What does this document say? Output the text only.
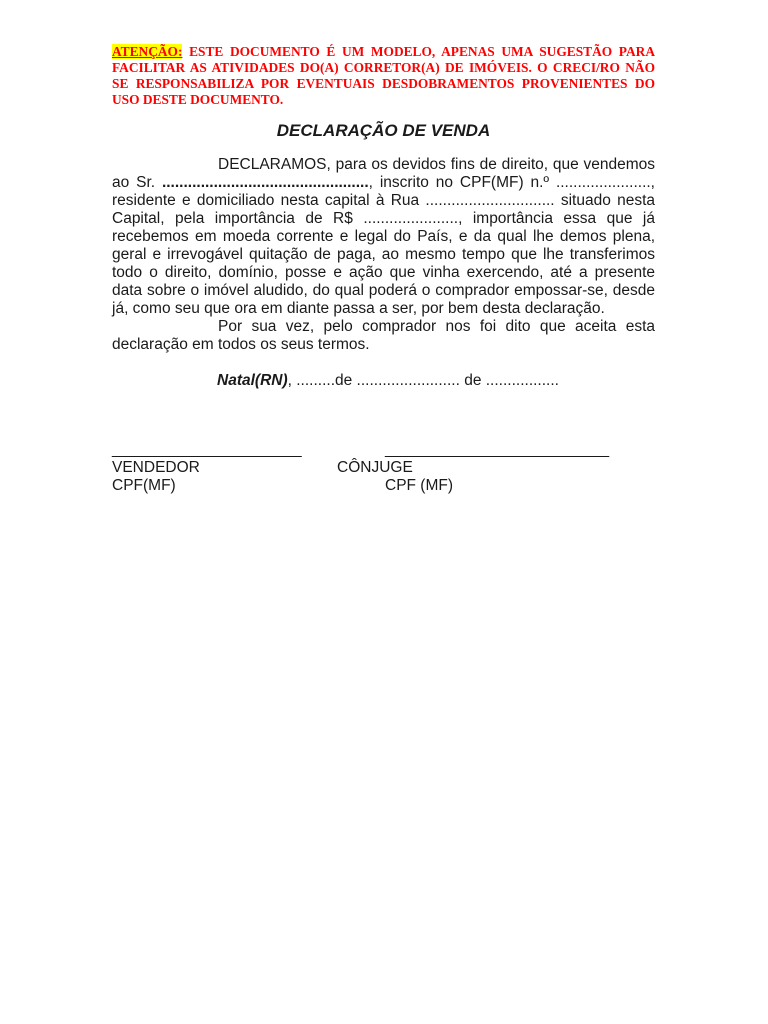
ATENÇÃO: ESTE DOCUMENTO É UM MODELO, APENAS UMA SUGESTÃO PARA FACILITAR AS ATIVIDADES DO(A) CORRETOR(A) DE IMÓVEIS. O CRECI/RO NÃO SE RESPONSABILIZA POR EVENTUAIS DESDOBRAMENTOS PROVENIENTES DO USO DESTE DOCUMENTO.

DECLARAÇÃO DE VENDA

DECLARAMOS, para os devidos fins de direito, que vendemos ao Sr. ................................................, inscrito no CPF(MF) n.º ......................, residente e domiciliado nesta capital à Rua .............................. situado nesta Capital, pela importância de R$ ......................, importância essa que já recebemos em moeda corrente e legal do País, e da qual lhe demos plena, geral e irrevogável quitação de paga, ao mesmo tempo que lhe transferimos todo o direito, domínio, posse e ação que vinha exercendo, até a presente data sobre o imóvel aludido, do qual poderá o comprador empossar-se, desde já, como seu que ora em diante passa a ser, por bem desta declaração.

Por sua vez, pelo comprador nos foi dito que aceita esta declaração em todos os seus termos.

Natal(RN), .........de ........................ de .................

______________________	__________________________
VENDEDOR	CÔNJUGE
CPF(MF)	CPF (MF)
